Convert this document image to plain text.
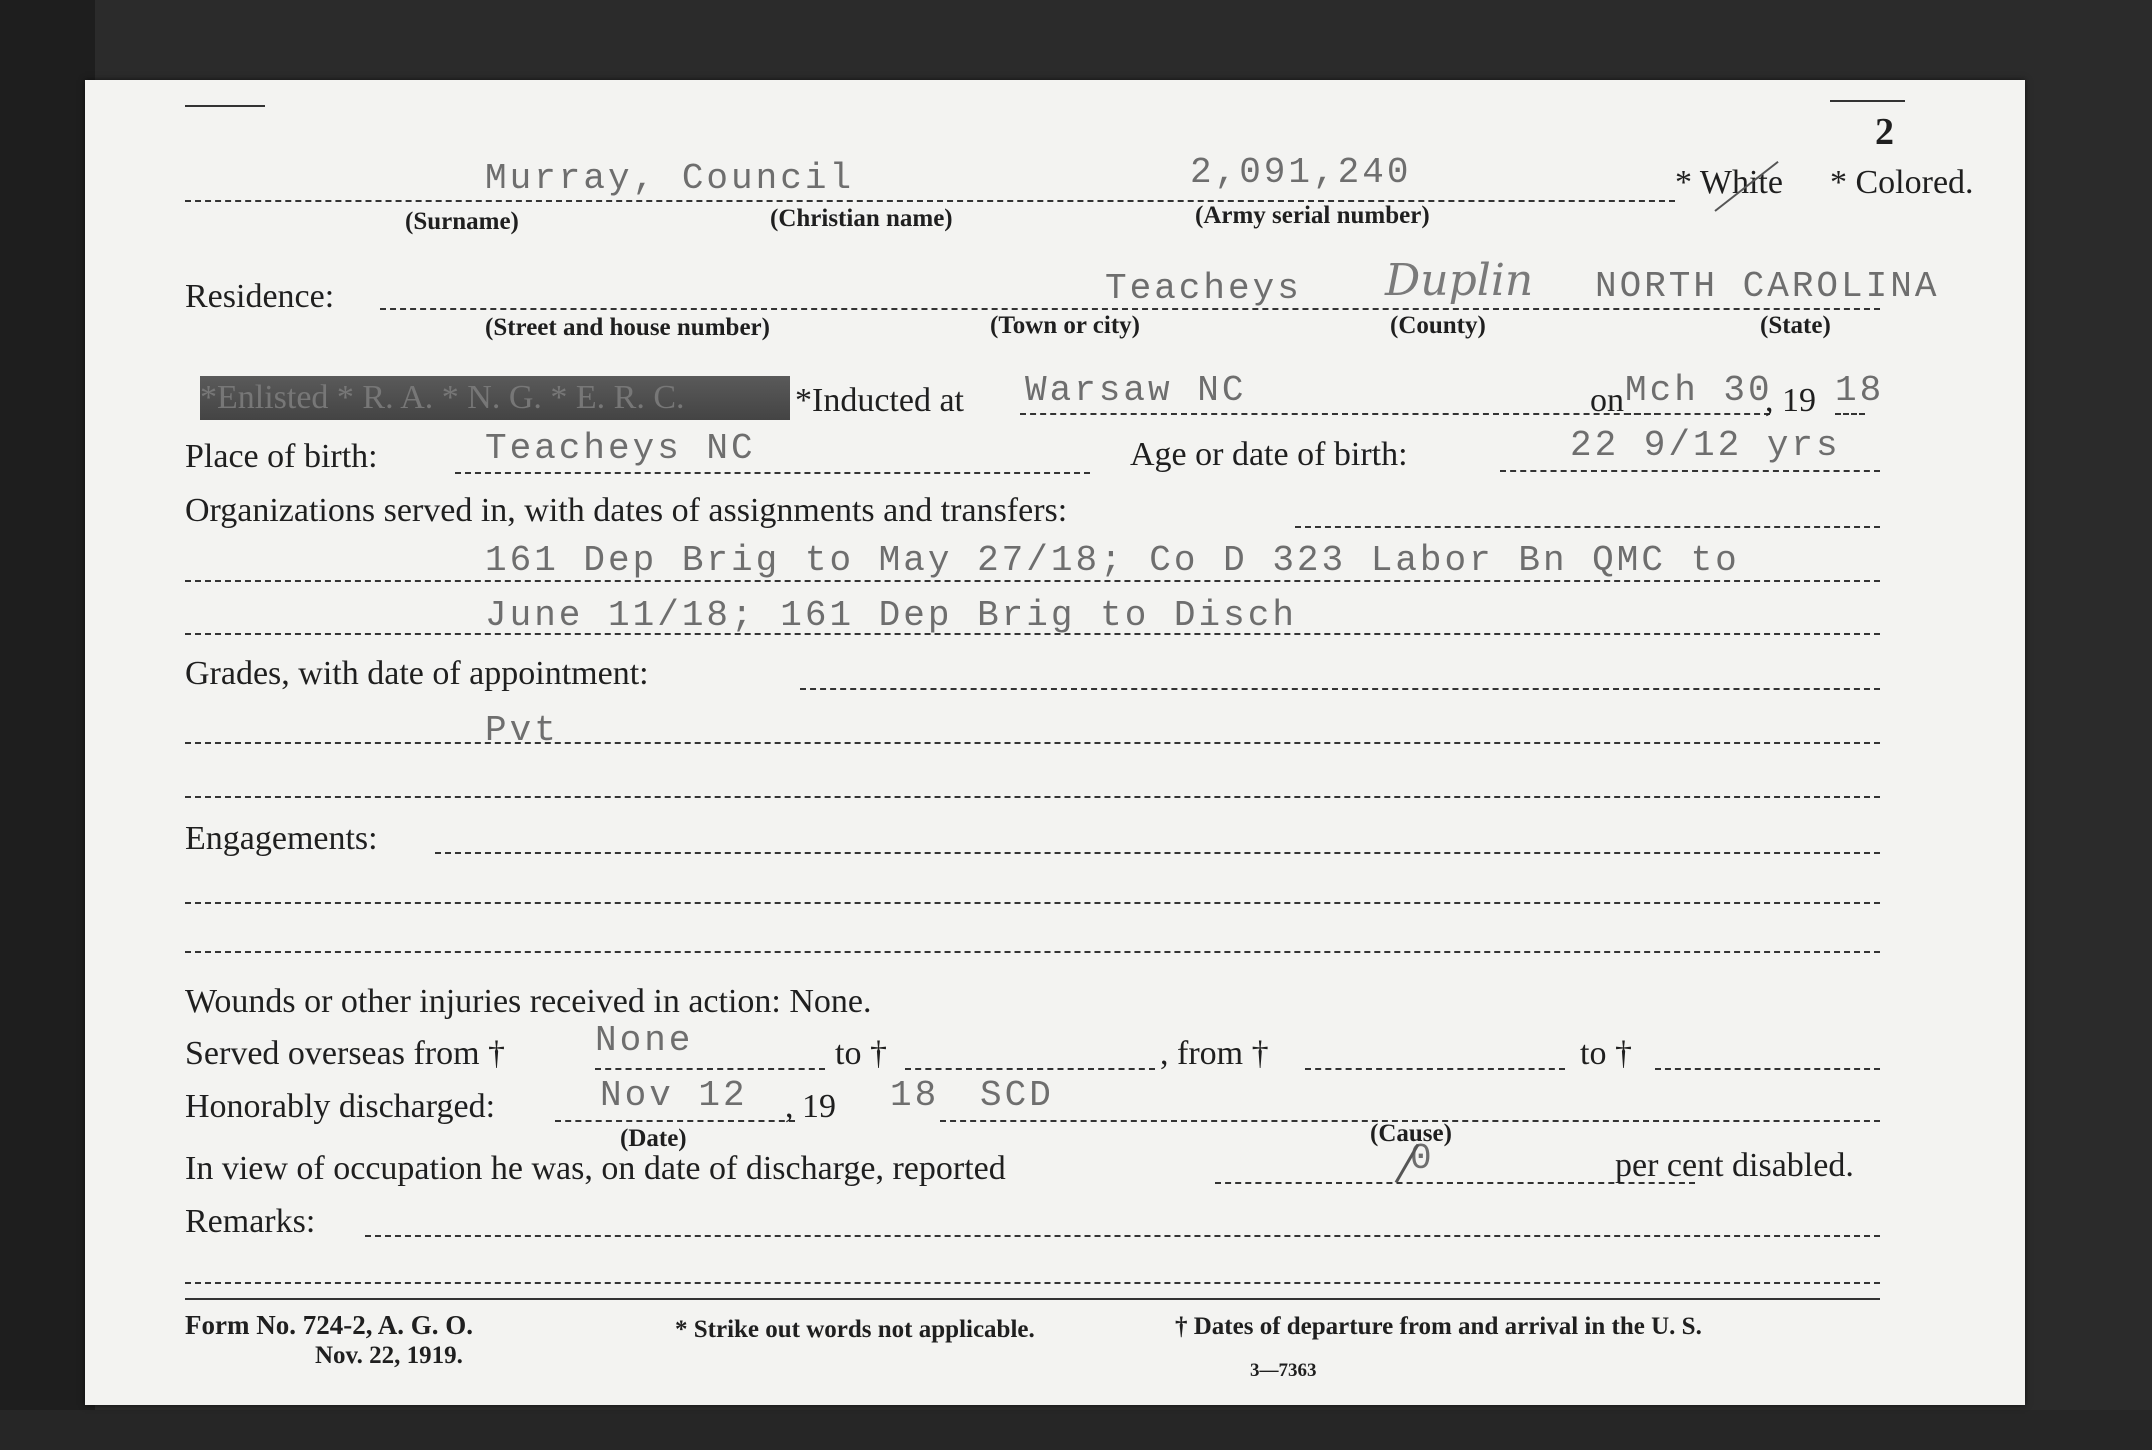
2
Murray, Council	2,091,240	* White * Colored.
(Surname)	(Christian name)	(Army serial number)
Residence:	Teacheys Duplin NORTH CAROLINA
(Street and house number)	(Town or city)	(County)	(State)
*Enlisted * R. A. * N. G. * E. R. C.	*Inducted at Warsaw NC	on Mch 30
, 19 18
Place of birth:	Teacheys NC	Age or date of birth:	22 9/12 yrs
Organizations served in, with dates of assignments and transfers:
161 Dep Brig to May 27/18; Co D 323 Labor Bn QMC to
June 11/18; 161 Dep Brig to Disch
Grades, with date of appointment:
Pvt
Engagements:
Wounds or other injuries received in action: None.
Served overseas from † None	to †	, from †	to †
Honorably discharged:	Nov 12 , 19 18 SCD
(Date)	(Cause)
In view of occupation he was, on date of discharge, reported	0	per cent disabled.
Remarks:
Form No. 724-2, A. G. O.
Nov. 22, 1919.
* Strike out words not applicable.	† Dates of departure from and arrival in the U. S.
3—7363
